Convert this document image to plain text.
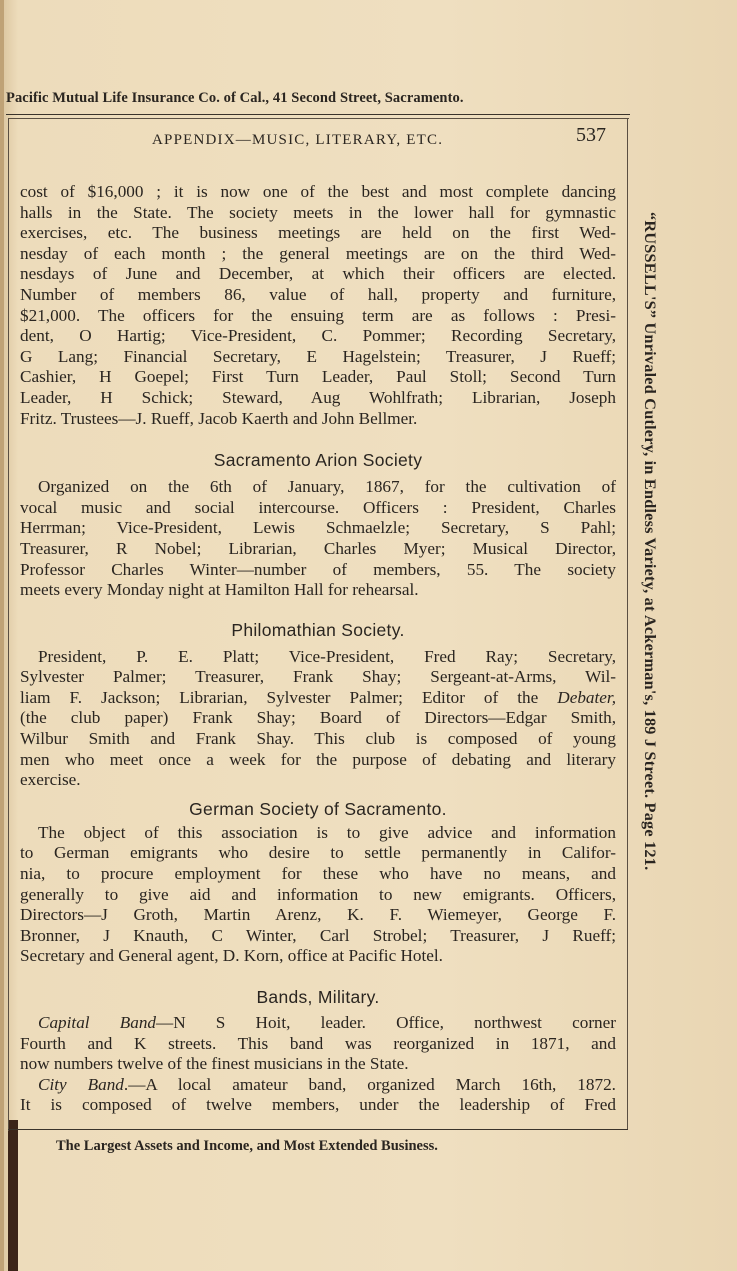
Pacific Mutual Life Insurance Co. of Cal., 41 Second Street, Sacramento.
APPENDIX—MUSIC, LITERARY, ETC.	537
cost of $16,000 ; it is now one of the best and most complete dancing
halls in the State. The society meets in the lower hall for gymnastic
exercises, etc. The business meetings are held on the first Wed-
nesday of each month ; the general meetings are on the third Wed-
nesdays of June and December, at which their officers are elected.
Number of members 86, value of hall, property and furniture,
$21,000. The officers for the ensuing term are as follows : Presi-
dent, O Hartig; Vice-President, C. Pommer; Recording Secretary,
G Lang; Financial Secretary, E Hagelstein; Treasurer, J Rueff;
Cashier, H Goepel; First Turn Leader, Paul Stoll; Second Turn
Leader, H Schick; Steward, Aug Wohlfrath; Librarian, Joseph
Fritz. Trustees—J. Rueff, Jacob Kaerth and John Bellmer.
Sacramento Arion Society
Organized on the 6th of January, 1867, for the cultivation of
vocal music and social intercourse. Officers : President, Charles
Herrman; Vice-President, Lewis Schmaelzle; Secretary, S Pahl;
Treasurer, R Nobel; Librarian, Charles Myer; Musical Director,
Professor Charles Winter—number of members, 55. The society
meets every Monday night at Hamilton Hall for rehearsal.
Philomathian Society.
President, P. E. Platt; Vice-President, Fred Ray; Secretary,
Sylvester Palmer; Treasurer, Frank Shay; Sergeant-at-Arms, Wil-
liam F. Jackson; Librarian, Sylvester Palmer; Editor of the Debater,
(the club paper) Frank Shay; Board of Directors—Edgar Smith,
Wilbur Smith and Frank Shay. This club is composed of young
men who meet once a week for the purpose of debating and literary
exercise.
German Society of Sacramento.
The object of this association is to give advice and information
to German emigrants who desire to settle permanently in Califor-
nia, to procure employment for these who have no means, and
generally to give aid and information to new emigrants. Officers,
Directors—J Groth, Martin Arenz, K. F. Wiemeyer, George F.
Bronner, J Knauth, C Winter, Carl Strobel; Treasurer, J Rueff;
Secretary and General agent, D. Korn, office at Pacific Hotel.
Bands, Military.
Capital Band—N S Hoit, leader. Office, northwest corner
Fourth and K streets. This band was reorganized in 1871, and
now numbers twelve of the finest musicians in the State.
City Band.—A local amateur band, organized March 16th, 1872.
It is composed of twelve members, under the leadership of Fred
The Largest Assets and Income, and Most Extended Business.
“RUSSELL'S” Unrivaled Cutlery, in Endless Variety, at Ackerman's, 189 J Street. Page 121.
